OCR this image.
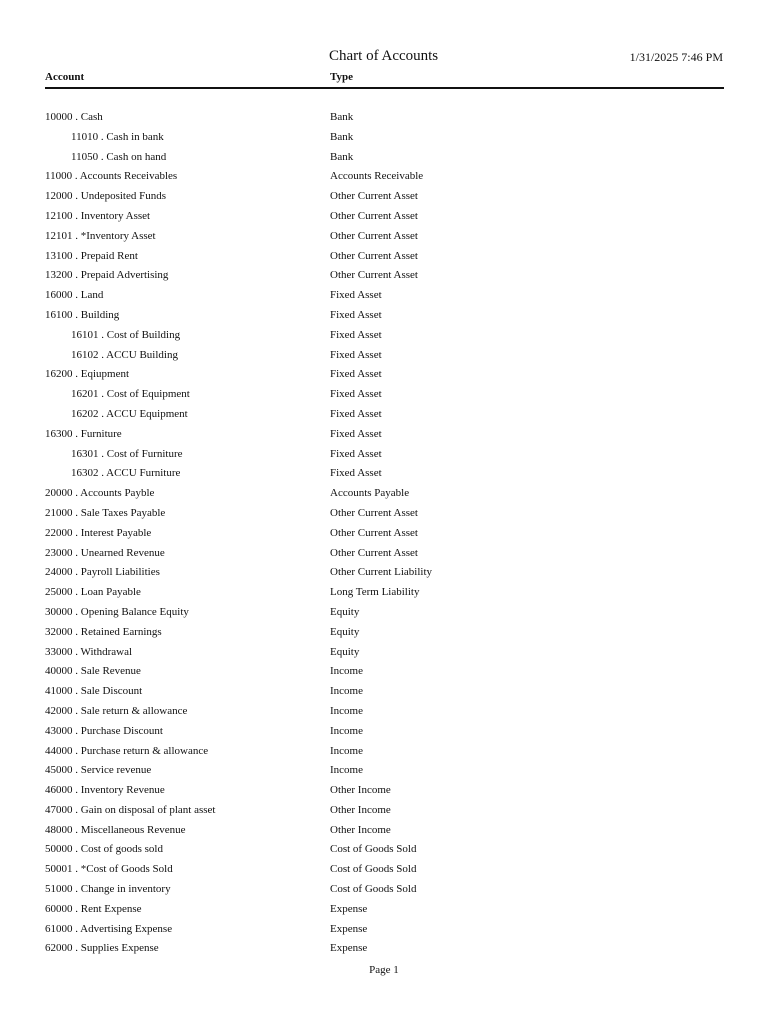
Chart of Accounts	1/31/2025 7:46 PM
Account	Type
10000 . Cash	Bank
11010 . Cash in bank	Bank
11050 . Cash on hand	Bank
11000 . Accounts Receivables	Accounts Receivable
12000 . Undeposited Funds	Other Current Asset
12100 . Inventory Asset	Other Current Asset
12101 . *Inventory Asset	Other Current Asset
13100 . Prepaid Rent	Other Current Asset
13200 . Prepaid Advertising	Other Current Asset
16000 . Land	Fixed Asset
16100 . Building	Fixed Asset
16101 . Cost of Building	Fixed Asset
16102 . ACCU Building	Fixed Asset
16200 . Eqiupment	Fixed Asset
16201 . Cost of Equipment	Fixed Asset
16202 . ACCU Equipment	Fixed Asset
16300 . Furniture	Fixed Asset
16301 . Cost of Furniture	Fixed Asset
16302 . ACCU Furniture	Fixed Asset
20000 . Accounts Payble	Accounts Payable
21000 . Sale Taxes Payable	Other Current Asset
22000 . Interest Payable	Other Current Asset
23000 . Unearned Revenue	Other Current Asset
24000 . Payroll Liabilities	Other Current Liability
25000 . Loan Payable	Long Term Liability
30000 . Opening Balance Equity	Equity
32000 . Retained Earnings	Equity
33000 . Withdrawal	Equity
40000 . Sale Revenue	Income
41000 . Sale Discount	Income
42000 . Sale return & allowance	Income
43000 . Purchase Discount	Income
44000 . Purchase return & allowance	Income
45000 . Service revenue	Income
46000 . Inventory Revenue	Other Income
47000 . Gain on disposal of plant asset	Other Income
48000 . Miscellaneous Revenue	Other Income
50000 . Cost of goods sold	Cost of Goods Sold
50001 . *Cost of Goods Sold	Cost of Goods Sold
51000 . Change in inventory	Cost of Goods Sold
60000 . Rent Expense	Expense
61000 . Advertising Expense	Expense
62000 . Supplies Expense	Expense
Page 1
